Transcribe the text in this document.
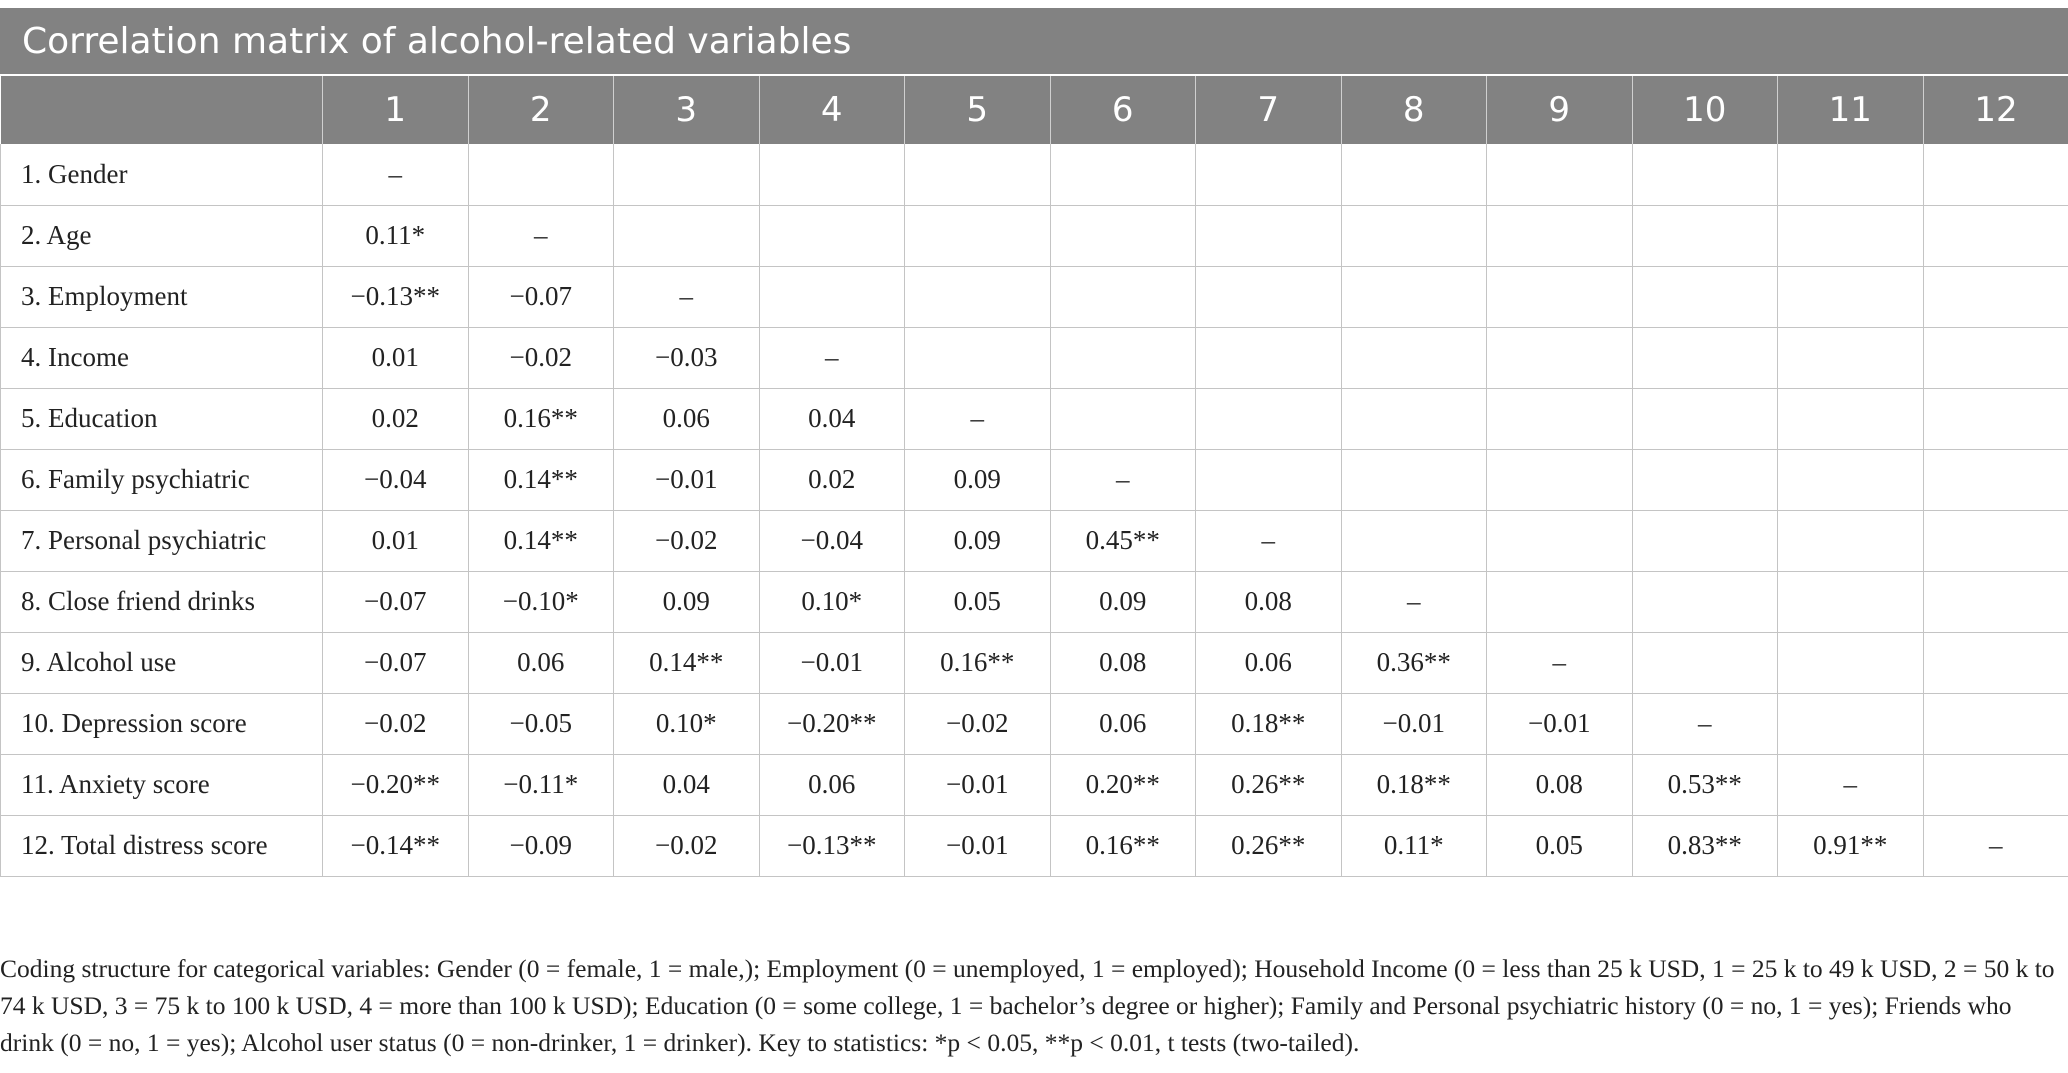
Correlation matrix of alcohol-related variables
	1	2	3	4	5	6	7	8	9	10	11	12
1. Gender	–											
2. Age	0.11*	–										
3. Employment	−0.13**	−0.07	–									
4. Income	0.01	−0.02	−0.03	–								
5. Education	0.02	0.16**	0.06	0.04	–							
6. Family psychiatric	−0.04	0.14**	−0.01	0.02	0.09	–						
7. Personal psychiatric	0.01	0.14**	−0.02	−0.04	0.09	0.45**	–					
8. Close friend drinks	−0.07	−0.10*	0.09	0.10*	0.05	0.09	0.08	–				
9. Alcohol use	−0.07	0.06	0.14**	−0.01	0.16**	0.08	0.06	0.36**	–			
10. Depression score	−0.02	−0.05	0.10*	−0.20**	−0.02	0.06	0.18**	−0.01	−0.01	–		
11. Anxiety score	−0.20**	−0.11*	0.04	0.06	−0.01	0.20**	0.26**	0.18**	0.08	0.53**	–	
12. Total distress score	−0.14**	−0.09	−0.02	−0.13**	−0.01	0.16**	0.26**	0.11*	0.05	0.83**	0.91**	–
Coding structure for categorical variables: Gender (0 = female, 1 = male,); Employment (0 = unemployed, 1 = employed); Household Income (0 = less than 25 k USD, 1 = 25 k to 49 k USD, 2 = 50 k to 74 k USD, 3 = 75 k to 100 k USD, 4 = more than 100 k USD); Education (0 = some college, 1 = bachelor’s degree or higher); Family and Personal psychiatric history (0 = no, 1 = yes); Friends who drink (0 = no, 1 = yes); Alcohol user status (0 = non-drinker, 1 = drinker). Key to statistics: *p < 0.05, **p < 0.01, t tests (two-tailed).
